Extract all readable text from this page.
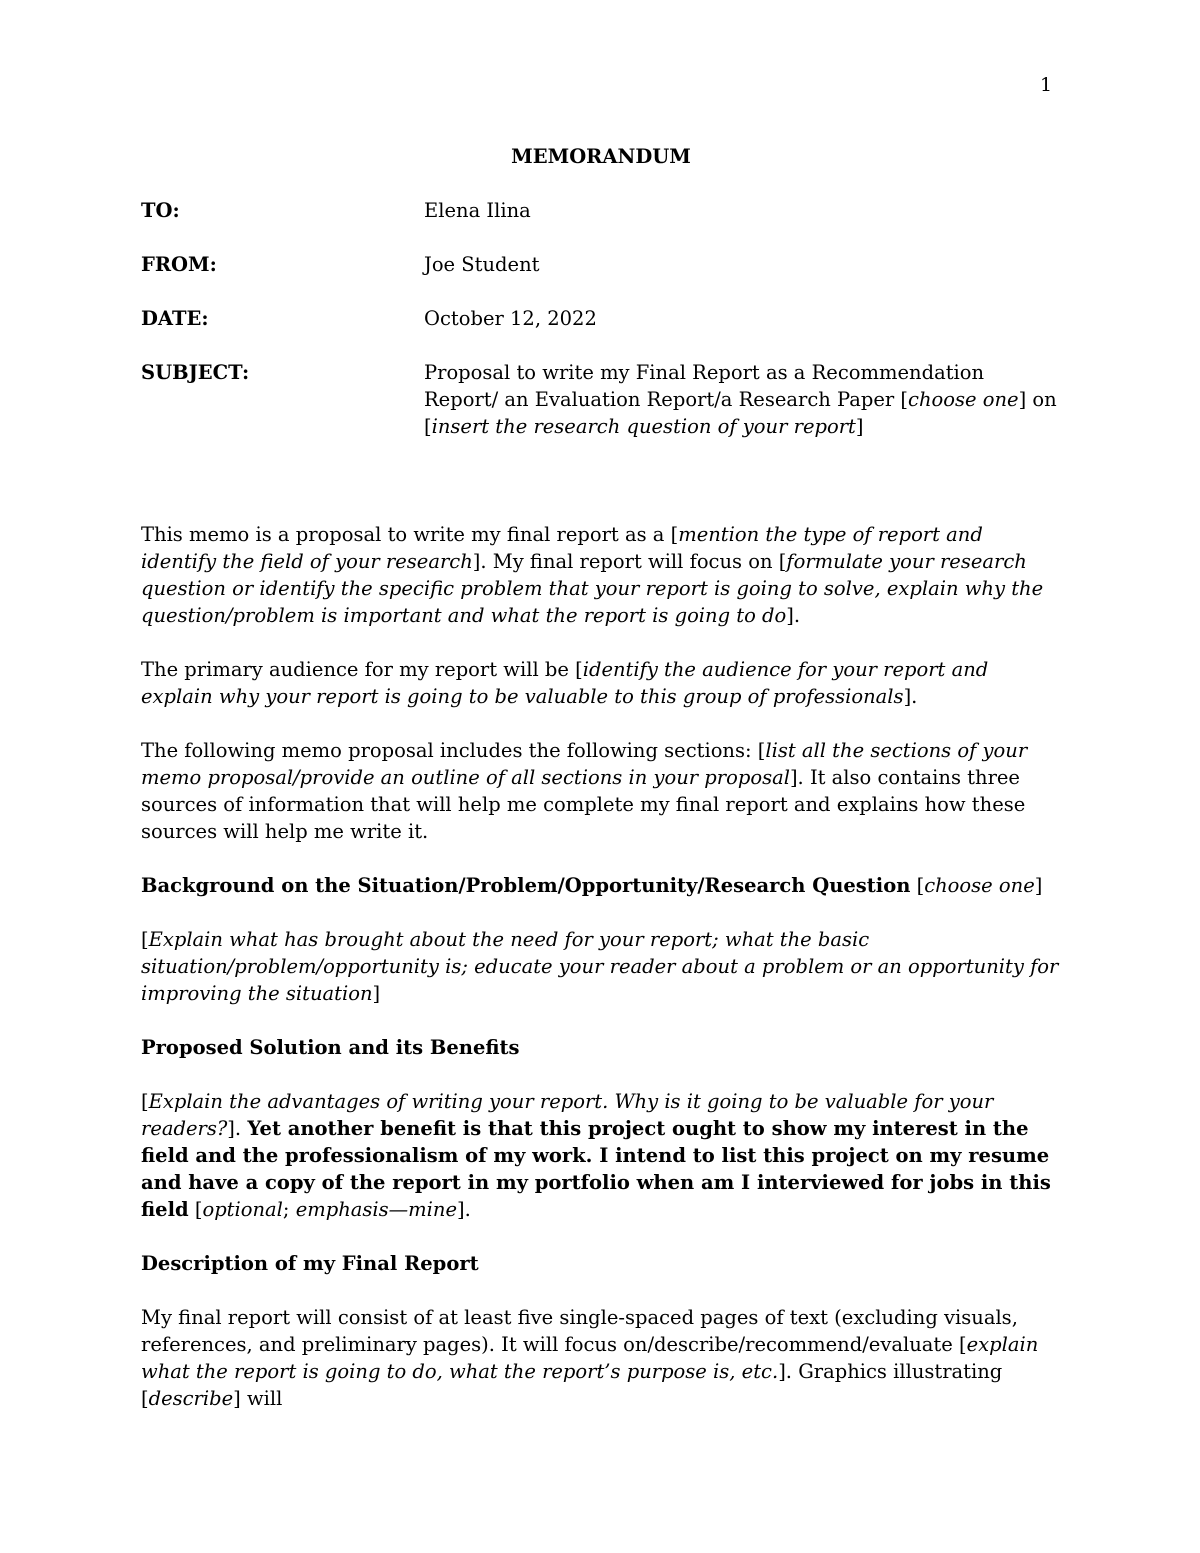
1
MEMORANDUM
TO:	Elena Ilina
FROM:	Joe Student
DATE:	October 12, 2022
SUBJECT:	Proposal to write my Final Report as a Recommendation Report/ an Evaluation Report/a Research Paper [choose one] on [insert the research question of your report]

This memo is a proposal to write my final report as a [mention the type of report and identify the field of your research]. My final report will focus on [formulate your research question or identify the specific problem that your report is going to solve, explain why the question/problem is important and what the report is going to do].

The primary audience for my report will be [identify the audience for your report and explain why your report is going to be valuable to this group of professionals].

The following memo proposal includes the following sections: [list all the sections of your memo proposal/provide an outline of all sections in your proposal]. It also contains three sources of information that will help me complete my final report and explains how these sources will help me write it.

Background on the Situation/Problem/Opportunity/Research Question [choose one]

[Explain what has brought about the need for your report; what the basic situation/problem/opportunity is; educate your reader about a problem or an opportunity for improving the situation]

Proposed Solution and its Benefits

[Explain the advantages of writing your report. Why is it going to be valuable for your readers?]. Yet another benefit is that this project ought to show my interest in the field and the professionalism of my work. I intend to list this project on my resume and have a copy of the report in my portfolio when am I interviewed for jobs in this field [optional; emphasis—mine].

Description of my Final Report

My final report will consist of at least five single-spaced pages of text (excluding visuals, references, and preliminary pages). It will focus on/describe/recommend/evaluate [explain what the report is going to do, what the report’s purpose is, etc.]. Graphics illustrating [describe] will
